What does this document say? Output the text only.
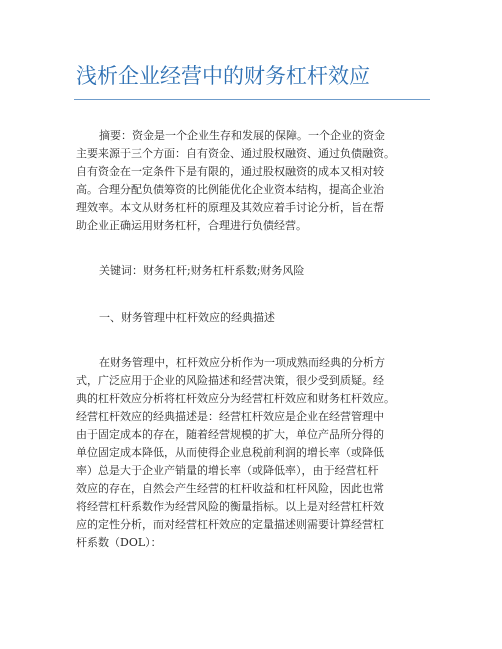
浅析企业经营中的财务杠杆效应
摘要：资金是一个企业生存和发展的保障。一个企业的资金
主要来源于三个方面：自有资金、通过股权融资、通过负债融资。
自有资金在一定条件下是有限的，通过股权融资的成本又相对较
高。合理分配负债筹资的比例能优化企业资本结构，提高企业治
理效率。本文从财务杠杆的原理及其效应着手讨论分析，旨在帮
助企业正确运用财务杠杆，合理进行负债经营。
关键词：财务杠杆;财务杠杆系数;财务风险
一、财务管理中杠杆效应的经典描述
在财务管理中，杠杆效应分析作为一项成熟而经典的分析方
式，广泛应用于企业的风险描述和经营决策，很少受到质疑。经
典的杠杆效应分析将杠杆效应分为经营杠杆效应和财务杠杆效应。
经营杠杆效应的经典描述是：经营杠杆效应是企业在经营管理中
由于固定成本的存在，随着经营规模的扩大，单位产品所分得的
单位固定成本降低，从而使得企业息税前利润的增长率（或降低
率）总是大于企业产销量的增长率（或降低率），由于经营杠杆
效应的存在，自然会产生经营的杠杆收益和杠杆风险，因此也常
将经营杠杆系数作为经营风险的衡量指标。以上是对经营杠杆效
应的定性分析，而对经营杠杆效应的定量描述则需要计算经营杠
杆系数（DOL）：
